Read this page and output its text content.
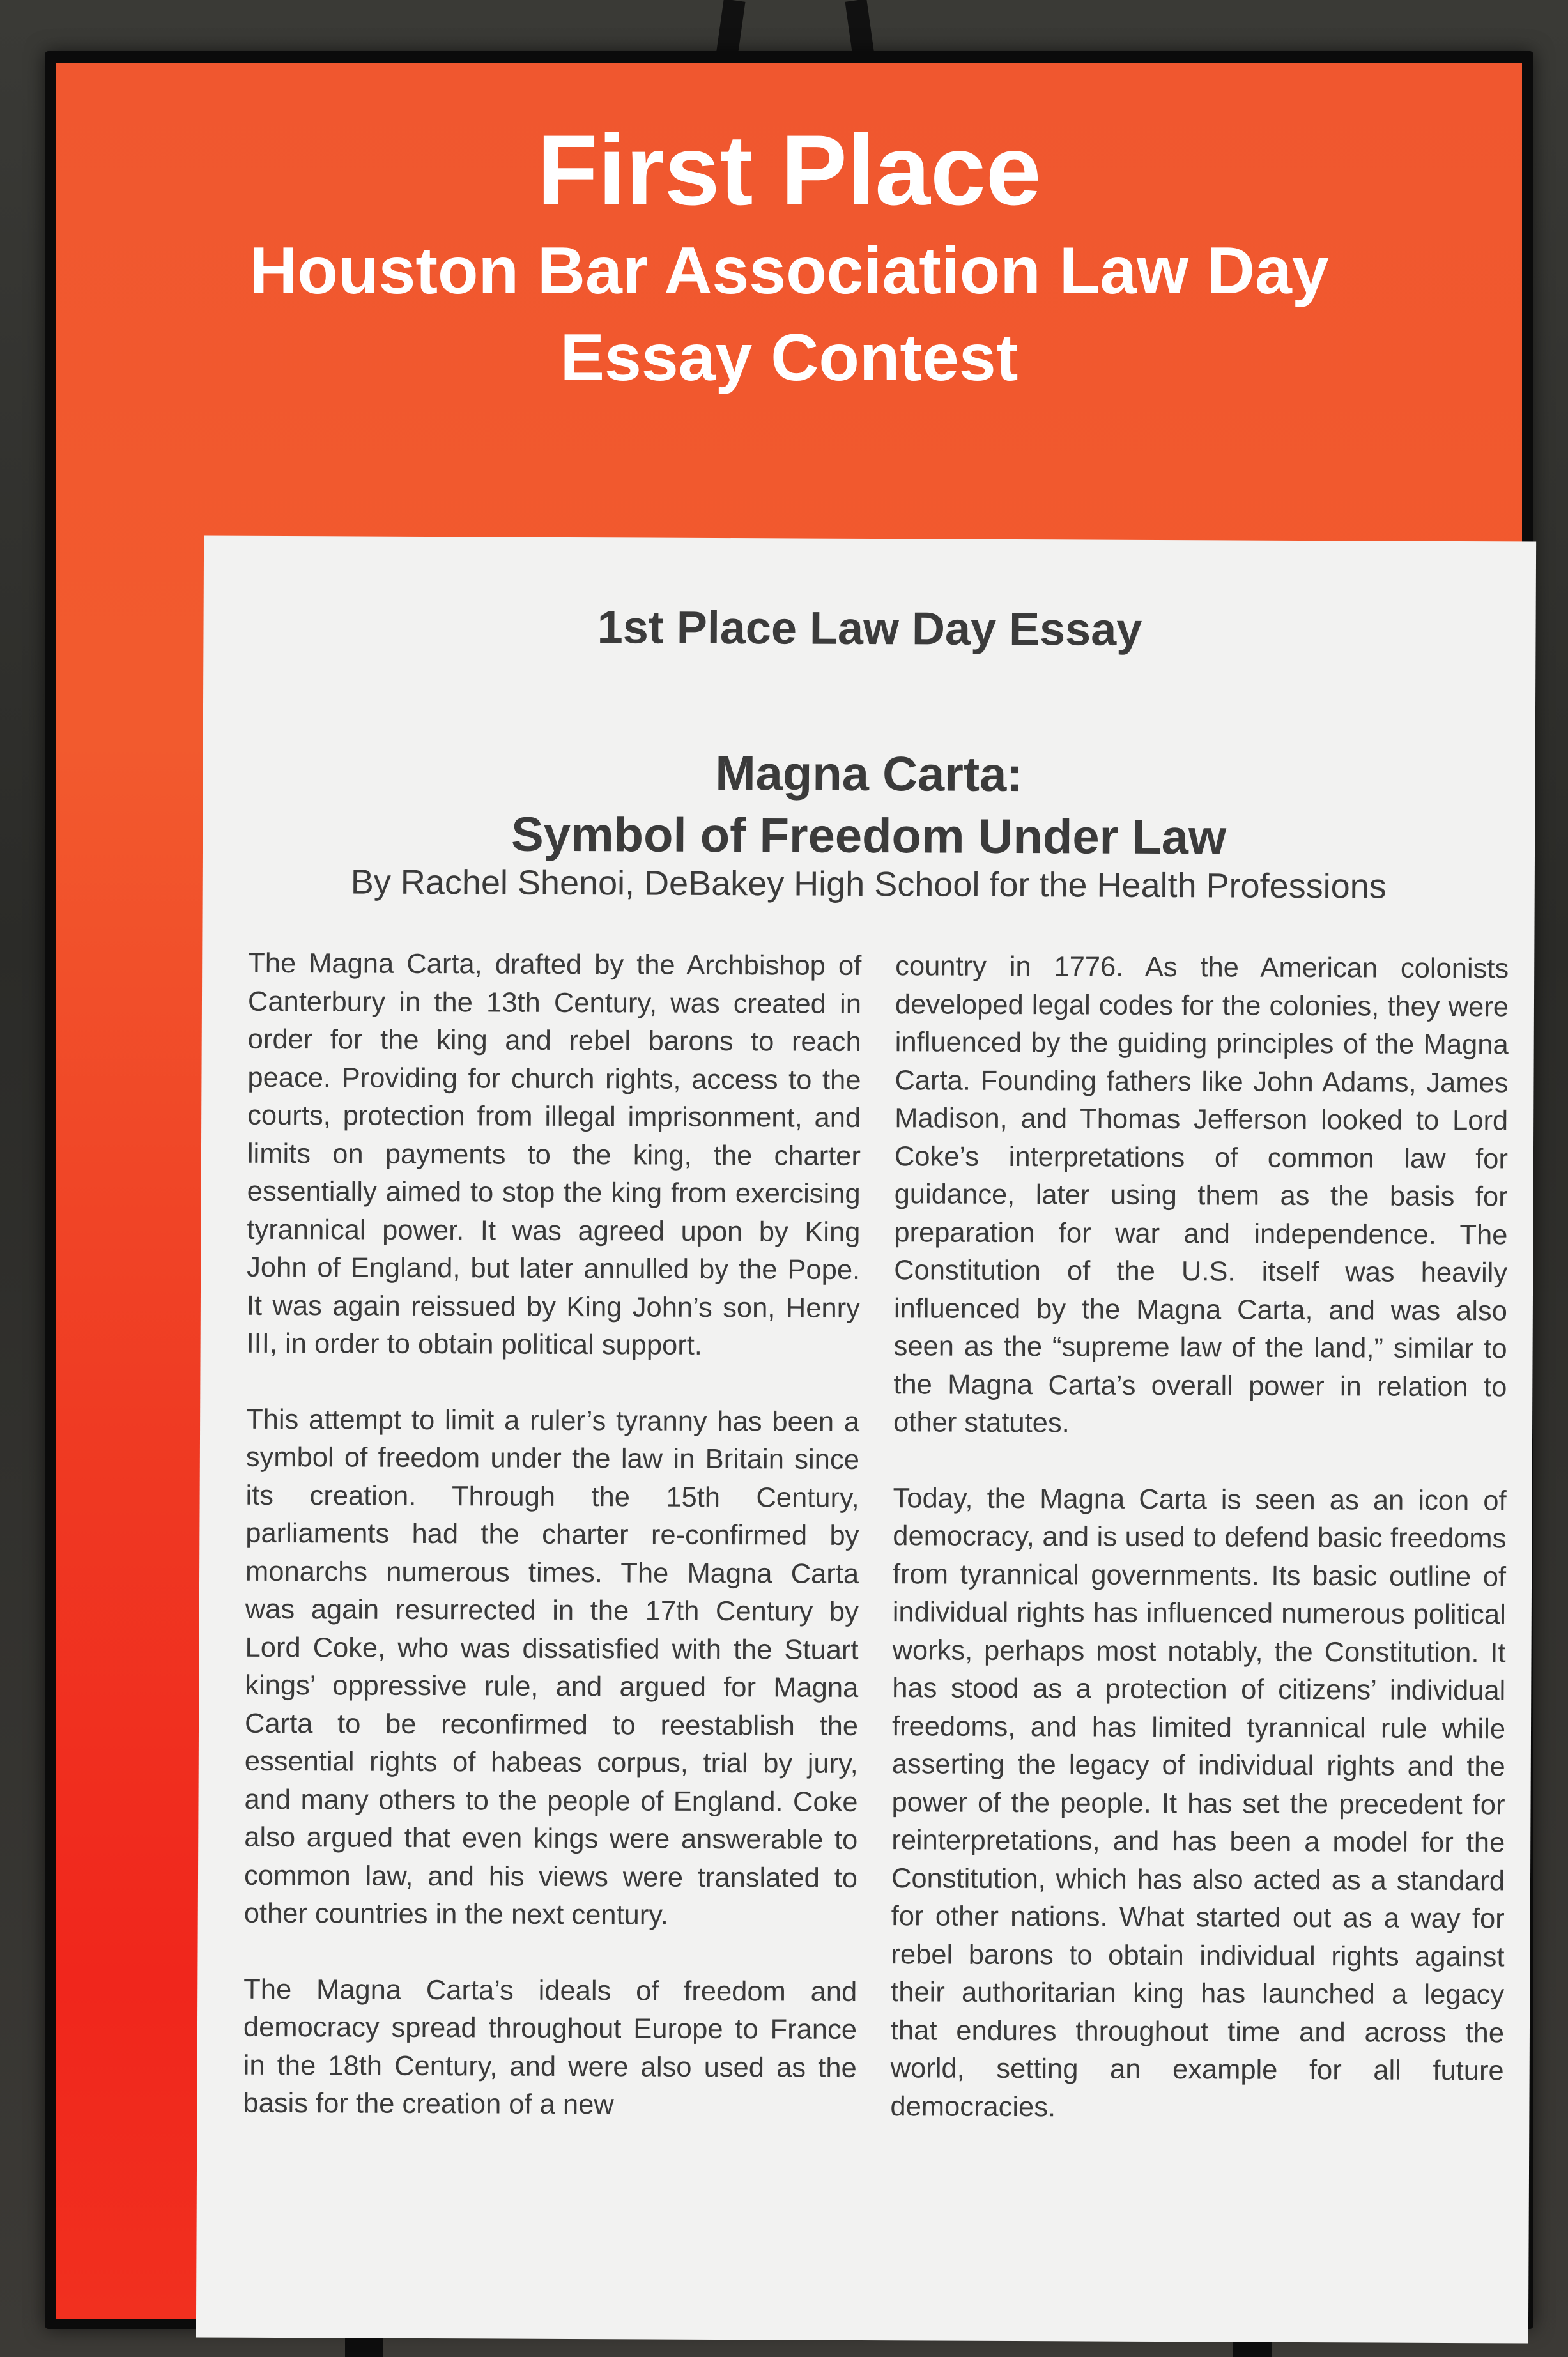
First Place

Houston Bar Association Law Day

Essay Contest

1st Place Law Day Essay

Magna Carta:
Symbol of Freedom Under Law

By Rachel Shenoi, DeBakey High School for the Health Professions

The Magna Carta, drafted by the Archbishop of Canterbury in the 13th Century, was created in order for the king and rebel barons to reach peace. Providing for church rights, access to the courts, protection from illegal imprisonment, and limits on payments to the king, the charter essentially aimed to stop the king from exercising tyrannical power. It was agreed upon by King John of England, but later annulled by the Pope. It was again reissued by King John’s son, Henry III, in order to obtain political support.

This attempt to limit a ruler’s tyranny has been a symbol of freedom under the law in Britain since its creation. Through the 15th Century, parliaments had the charter re-confirmed by monarchs numerous times. The Magna Carta was again resurrected in the 17th Century by Lord Coke, who was dissatisfied with the Stuart kings’ oppressive rule, and argued for Magna Carta to be reconfirmed to reestablish the essential rights of habeas corpus, trial by jury, and many others to the people of England. Coke also argued that even kings were answerable to common law, and his views were translated to other countries in the next century.

The Magna Carta’s ideals of freedom and democracy spread throughout Europe to France in the 18th Century, and were also used as the basis for the creation of a new

country in 1776. As the American colonists developed legal codes for the colonies, they were influenced by the guiding principles of the Magna Carta. Founding fathers like John Adams, James Madison, and Thomas Jefferson looked to Lord Coke’s interpretations of common law for guidance, later using them as the basis for preparation for war and independence. The Constitution of the U.S. itself was heavily influenced by the Magna Carta, and was also seen as the “supreme law of the land,” similar to the Magna Carta’s overall power in relation to other statutes.

Today, the Magna Carta is seen as an icon of democracy, and is used to defend basic freedoms from tyrannical governments. Its basic outline of individual rights has influenced numerous political works, perhaps most notably, the Constitution. It has stood as a protection of citizens’ individual freedoms, and has limited tyrannical rule while asserting the legacy of individual rights and the power of the people. It has set the precedent for reinterpretations, and has been a model for the Constitution, which has also acted as a standard for other nations. What started out as a way for rebel barons to obtain individual rights against their authoritarian king has launched a legacy that endures throughout time and across the world, setting an example for all future democracies.
